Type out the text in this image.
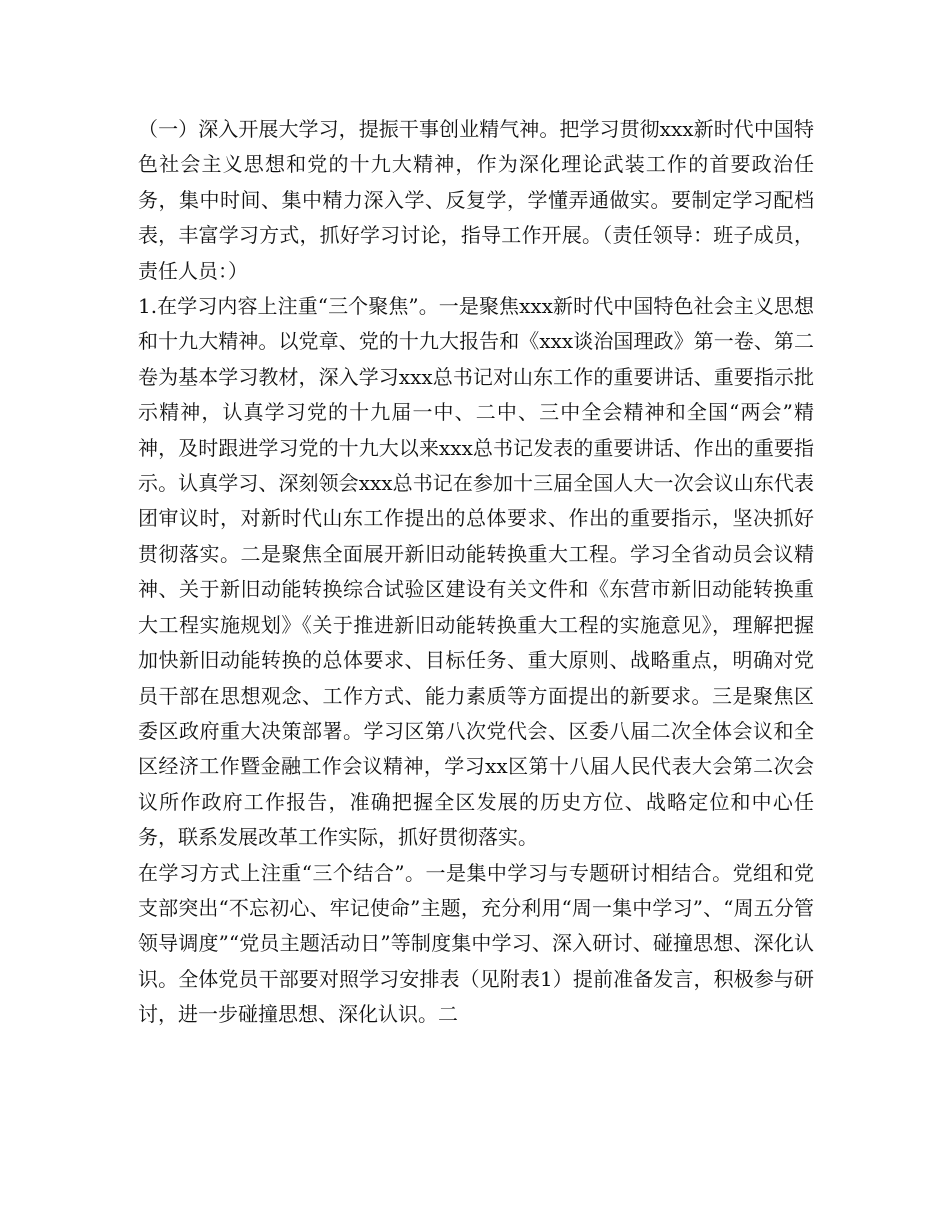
（一）深入开展大学习，提振干事创业精气神。把学习贯彻xxx新时代中国特色社会主义思想和党的十九大精神，作为深化理论武装工作的首要政治任务，集中时间、集中精力深入学、反复学，学懂弄通做实。要制定学习配档表，丰富学习方式，抓好学习讨论，指导工作开展。（责任领导：班子成员，责任人员：）

1.在学习内容上注重“三个聚焦”。一是聚焦xxx新时代中国特色社会主义思想和十九大精神。以党章、党的十九大报告和《xxx谈治国理政》第一卷、第二卷为基本学习教材，深入学习xxx总书记对山东工作的重要讲话、重要指示批示精神，认真学习党的十九届一中、二中、三中全会精神和全国“两会”精神，及时跟进学习党的十九大以来xxx总书记发表的重要讲话、作出的重要指示。认真学习、深刻领会xxx总书记在参加十三届全国人大一次会议山东代表团审议时，对新时代山东工作提出的总体要求、作出的重要指示，坚决抓好贯彻落实。二是聚焦全面展开新旧动能转换重大工程。学习全省动员会议精神、关于新旧动能转换综合试验区建设有关文件和《东营市新旧动能转换重大工程实施规划》《关于推进新旧动能转换重大工程的实施意见》，理解把握加快新旧动能转换的总体要求、目标任务、重大原则、战略重点，明确对党员干部在思想观念、工作方式、能力素质等方面提出的新要求。三是聚焦区委区政府重大决策部署。学习区第八次党代会、区委八届二次全体会议和全区经济工作暨金融工作会议精神，学习xx区第十八届人民代表大会第二次会议所作政府工作报告，准确把握全区发展的历史方位、战略定位和中心任务，联系发展改革工作实际，抓好贯彻落实。

在学习方式上注重“三个结合”。一是集中学习与专题研讨相结合。党组和党支部突出“不忘初心、牢记使命”主题，充分利用“周一集中学习”、“周五分管领导调度”“党员主题活动日”等制度集中学习、深入研讨、碰撞思想、深化认识。全体党员干部要对照学习安排表（见附表1）提前准备发言，积极参与研讨，进一步碰撞思想、深化认识。二
